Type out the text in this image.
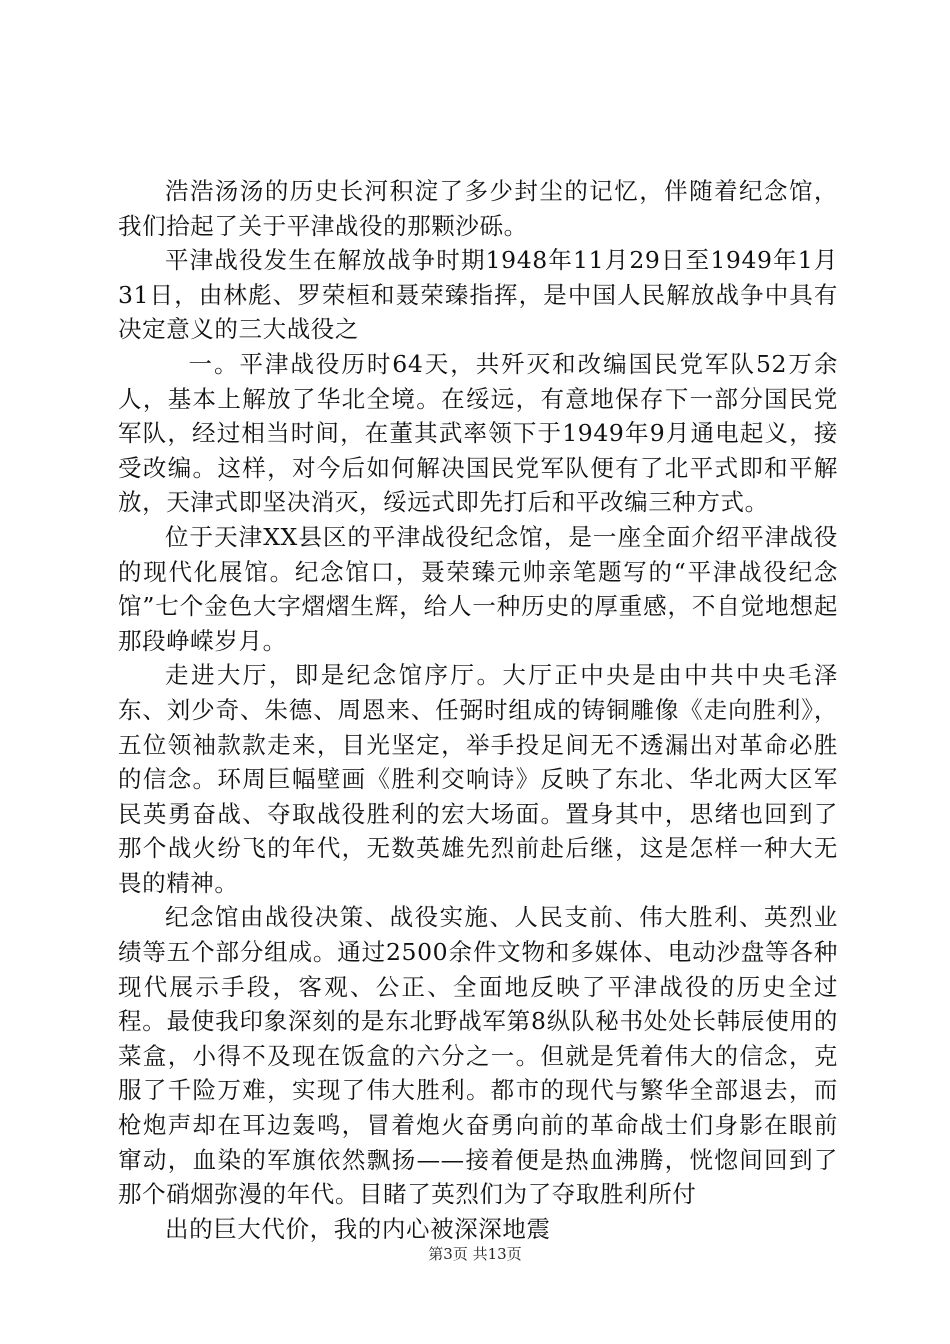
浩浩汤汤的历史长河积淀了多少封尘的记忆，伴随着纪念馆，我们拾起了关于平津战役的那颗沙砾。

平津战役发生在解放战争时期1948年11月29日至1949年1月31日，由林彪、罗荣桓和聂荣臻指挥，是中国人民解放战争中具有决定意义的三大战役之

一。平津战役历时64天，共歼灭和改编国民党军队52万余人，基本上解放了华北全境。在绥远，有意地保存下一部分国民党军队，经过相当时间，在董其武率领下于1949年9月通电起义，接受改编。这样，对今后如何解决国民党军队便有了北平式即和平解放，天津式即坚决消灭，绥远式即先打后和平改编三种方式。

位于天津XX县区的平津战役纪念馆，是一座全面介绍平津战役的现代化展馆。纪念馆口，聂荣臻元帅亲笔题写的“平津战役纪念馆”七个金色大字熠熠生辉，给人一种历史的厚重感，不自觉地想起那段峥嵘岁月。

走进大厅，即是纪念馆序厅。大厅正中央是由中共中央毛泽东、刘少奇、朱德、周恩来、任弼时组成的铸铜雕像《走向胜利》，五位领袖款款走来，目光坚定，举手投足间无不透漏出对革命必胜的信念。环周巨幅壁画《胜利交响诗》反映了东北、华北两大区军民英勇奋战、夺取战役胜利的宏大场面。置身其中，思绪也回到了那个战火纷飞的年代，无数英雄先烈前赴后继，这是怎样一种大无畏的精神。

纪念馆由战役决策、战役实施、人民支前、伟大胜利、英烈业绩等五个部分组成。通过2500余件文物和多媒体、电动沙盘等各种现代展示手段，客观、公正、全面地反映了平津战役的历史全过程。最使我印象深刻的是东北野战军第8纵队秘书处处长韩辰使用的菜盒，小得不及现在饭盒的六分之一。但就是凭着伟大的信念，克服了千险万难，实现了伟大胜利。都市的现代与繁华全部退去，而枪炮声却在耳边轰鸣，冒着炮火奋勇向前的革命战士们身影在眼前窜动，血染的军旗依然飘扬——接着便是热血沸腾，恍惚间回到了那个硝烟弥漫的年代。目睹了英烈们为了夺取胜利所付

出的巨大代价，我的内心被深深地震

第3页 共13页
